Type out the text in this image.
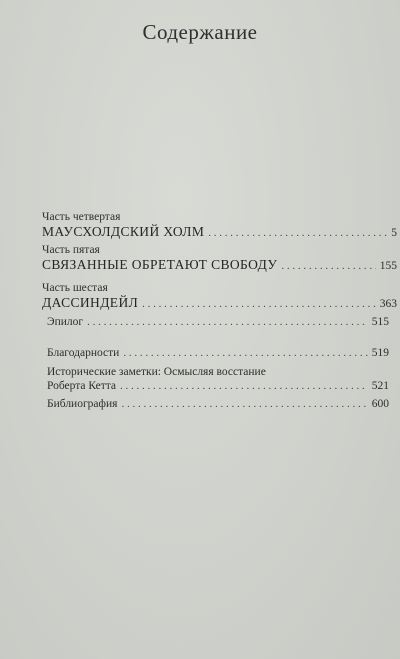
Содержание
Часть четвертая
МАУСХОЛДСКИЙ ХОЛМ . . .	5
Часть пятая
СВЯЗАННЫЕ ОБРЕТАЮТ СВОБОДУ . . .	155
Часть шестая
ДАССИНДЕЙЛ . . .	363
Эпилог . . .	515
Благодарности . . .	519
Исторические заметки: Осмысляя восстание
Роберта Кетта . . .	521
Библиография . . .	600
